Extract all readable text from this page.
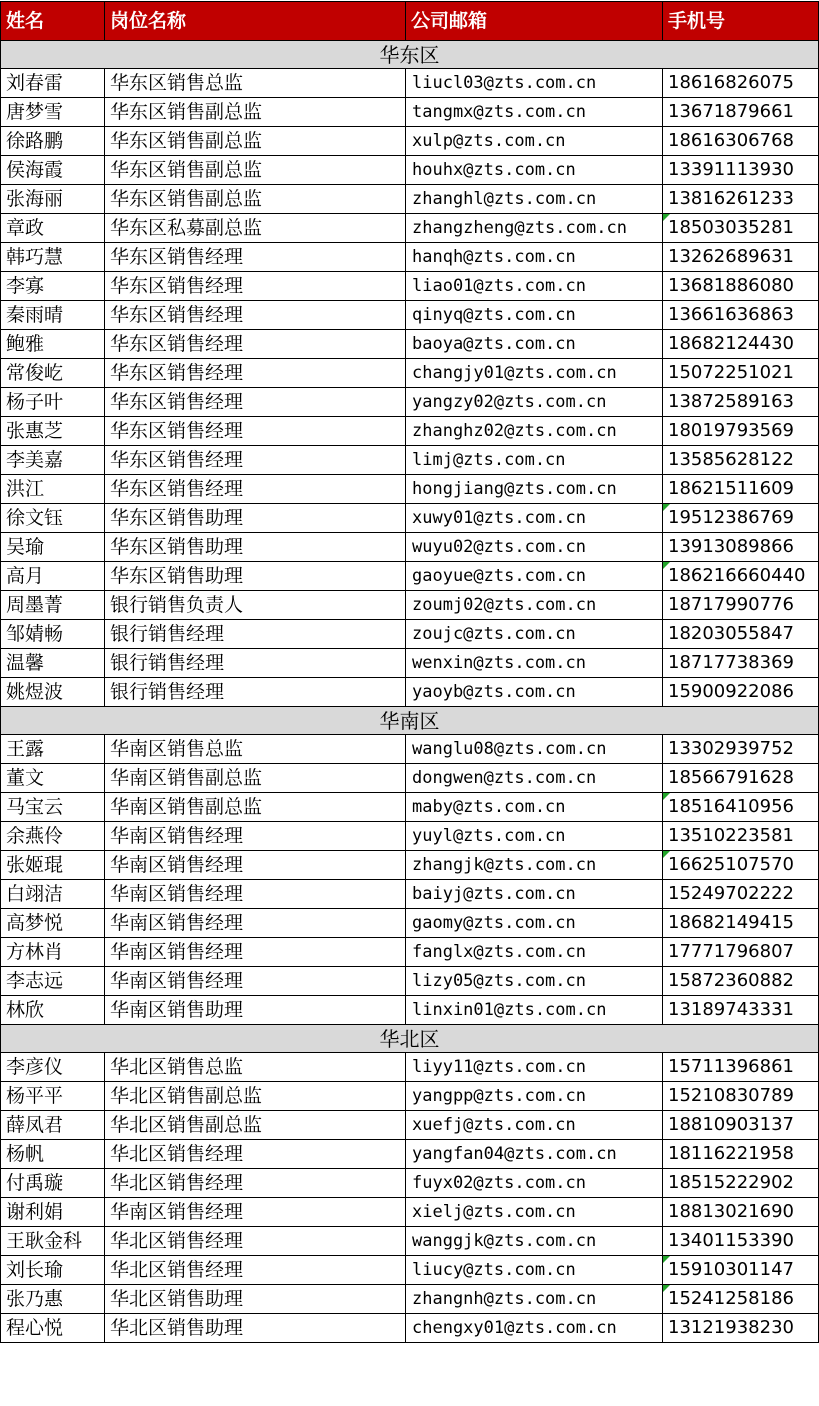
姓名	岗位名称	公司邮箱	手机号
华东区			
刘春雷	华东区销售总监	liucl03@zts.com.cn	18616826075
唐梦雪	华东区销售副总监	tangmx@zts.com.cn	13671879661
徐路鹏	华东区销售副总监	xulp@zts.com.cn	18616306768
侯海霞	华东区销售副总监	houhx@zts.com.cn	13391113930
张海丽	华东区销售副总监	zhanghl@zts.com.cn	13816261233
章政	华东区私募副总监	zhangzheng@zts.com.cn	18503035281
韩巧慧	华东区销售经理	hanqh@zts.com.cn	13262689631
李寡	华东区销售经理	liao01@zts.com.cn	13681886080
秦雨晴	华东区销售经理	qinyq@zts.com.cn	13661636863
鲍雅	华东区销售经理	baoya@zts.com.cn	18682124430
常俊屹	华东区销售经理	changjy01@zts.com.cn	15072251021
杨子叶	华东区销售经理	yangzy02@zts.com.cn	13872589163
张惠芝	华东区销售经理	zhanghz02@zts.com.cn	18019793569
李美嘉	华东区销售经理	limj@zts.com.cn	13585628122
洪江	华东区销售经理	hongjiang@zts.com.cn	18621511609
徐文钰	华东区销售助理	xuwy01@zts.com.cn	19512386769
吴瑜	华东区销售助理	wuyu02@zts.com.cn	13913089866
高月	华东区销售助理	gaoyue@zts.com.cn	186216660440
周墨菁	银行销售负责人	zoumj02@zts.com.cn	18717990776
邹婧畅	银行销售经理	zoujc@zts.com.cn	18203055847
温馨	银行销售经理	wenxin@zts.com.cn	18717738369
姚煜波	银行销售经理	yaoyb@zts.com.cn	15900922086
华南区			
王露	华南区销售总监	wanglu08@zts.com.cn	13302939752
董文	华南区销售副总监	dongwen@zts.com.cn	18566791628
马宝云	华南区销售副总监	maby@zts.com.cn	18516410956
余燕伶	华南区销售经理	yuyl@zts.com.cn	13510223581
张姬琨	华南区销售经理	zhangjk@zts.com.cn	16625107570
白翊洁	华南区销售经理	baiyj@zts.com.cn	15249702222
高梦悦	华南区销售经理	gaomy@zts.com.cn	18682149415
方林肖	华南区销售经理	fanglx@zts.com.cn	17771796807
李志远	华南区销售经理	lizy05@zts.com.cn	15872360882
林欣	华南区销售助理	linxin01@zts.com.cn	13189743331
华北区			
李彦仪	华北区销售总监	liyy11@zts.com.cn	15711396861
杨平平	华北区销售副总监	yangpp@zts.com.cn	15210830789
薛凤君	华北区销售副总监	xuefj@zts.com.cn	18810903137
杨帆	华北区销售经理	yangfan04@zts.com.cn	18116221958
付禹璇	华北区销售经理	fuyx02@zts.com.cn	18515222902
谢利娟	华南区销售经理	xielj@zts.com.cn	18813021690
王耿金科	华北区销售经理	wanggjk@zts.com.cn	13401153390
刘长瑜	华北区销售经理	liucy@zts.com.cn	15910301147
张乃惠	华北区销售助理	zhangnh@zts.com.cn	15241258186
程心悦	华北区销售助理	chengxy01@zts.com.cn	13121938230
